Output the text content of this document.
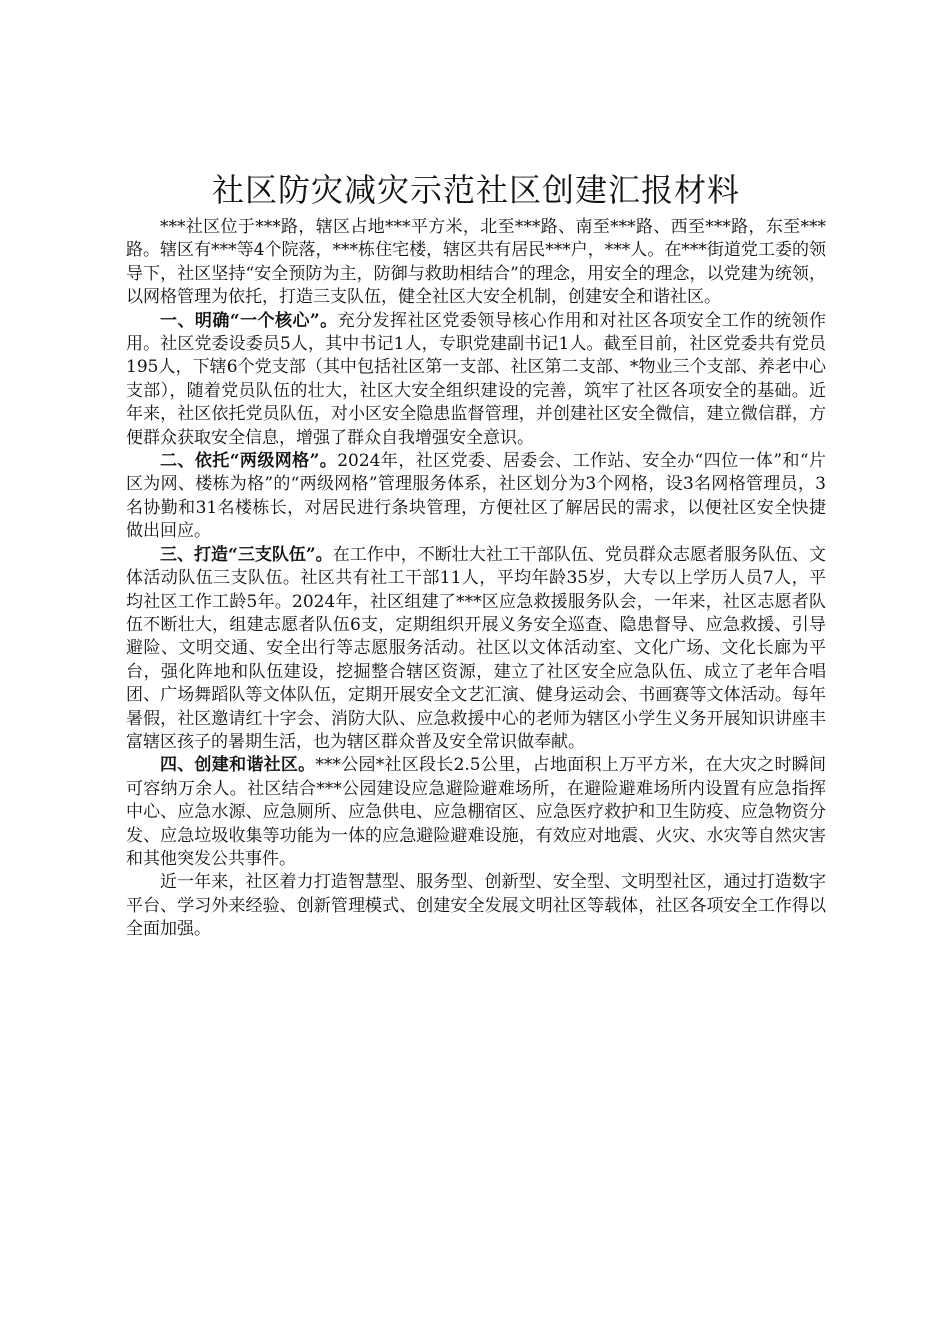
社区防灾减灾示范社区创建汇报材料

***社区位于***路，辖区占地***平方米，北至***路、南至***路、西至***路，东至***路。辖区有***等4个院落，***栋住宅楼，辖区共有居民***户，***人。在***街道党工委的领导下，社区坚持“安全预防为主，防御与救助相结合”的理念，用安全的理念，以党建为统领，以网格管理为依托，打造三支队伍，健全社区大安全机制，创建安全和谐社区。

一、明确“一个核心”。充分发挥社区党委领导核心作用和对社区各项安全工作的统领作用。社区党委设委员5人，其中书记1人，专职党建副书记1人。截至目前，社区党委共有党员195人，下辖6个党支部（其中包括社区第一支部、社区第二支部、*物业三个支部、养老中心支部），随着党员队伍的壮大，社区大安全组织建设的完善，筑牢了社区各项安全的基础。近年来，社区依托党员队伍，对小区安全隐患监督管理，并创建社区安全微信，建立微信群，方便群众获取安全信息，增强了群众自我增强安全意识。

二、依托“两级网格”。2024年，社区党委、居委会、工作站、安全办“四位一体”和“片区为网、楼栋为格”的“两级网格”管理服务体系，社区划分为3个网格，设3名网格管理员，3名协勤和31名楼栋长，对居民进行条块管理，方便社区了解居民的需求，以便社区安全快捷做出回应。

三、打造“三支队伍”。在工作中，不断壮大社工干部队伍、党员群众志愿者服务队伍、文体活动队伍三支队伍。社区共有社工干部11人，平均年龄35岁，大专以上学历人员7人，平均社区工作工龄5年。2024年，社区组建了***区应急救援服务队会，一年来，社区志愿者队伍不断壮大，组建志愿者队伍6支，定期组织开展义务安全巡查、隐患督导、应急救援、引导避险、文明交通、安全出行等志愿服务活动。社区以文体活动室、文化广场、文化长廊为平台，强化阵地和队伍建设，挖掘整合辖区资源，建立了社区安全应急队伍、成立了老年合唱团、广场舞蹈队等文体队伍，定期开展安全文艺汇演、健身运动会、书画赛等文体活动。每年暑假，社区邀请红十字会、消防大队、应急救援中心的老师为辖区小学生义务开展知识讲座丰富辖区孩子的暑期生活，也为辖区群众普及安全常识做奉献。

四、创建和谐社区。***公园*社区段长2.5公里，占地面积上万平方米，在大灾之时瞬间可容纳万余人。社区结合***公园建设应急避险避难场所，在避险避难场所内设置有应急指挥中心、应急水源、应急厕所、应急供电、应急棚宿区、应急医疗救护和卫生防疫、应急物资分发、应急垃圾收集等功能为一体的应急避险避难设施，有效应对地震、火灾、水灾等自然灾害和其他突发公共事件。

近一年来，社区着力打造智慧型、服务型、创新型、安全型、文明型社区，通过打造数字平台、学习外来经验、创新管理模式、创建安全发展文明社区等载体，社区各项安全工作得以全面加强。
